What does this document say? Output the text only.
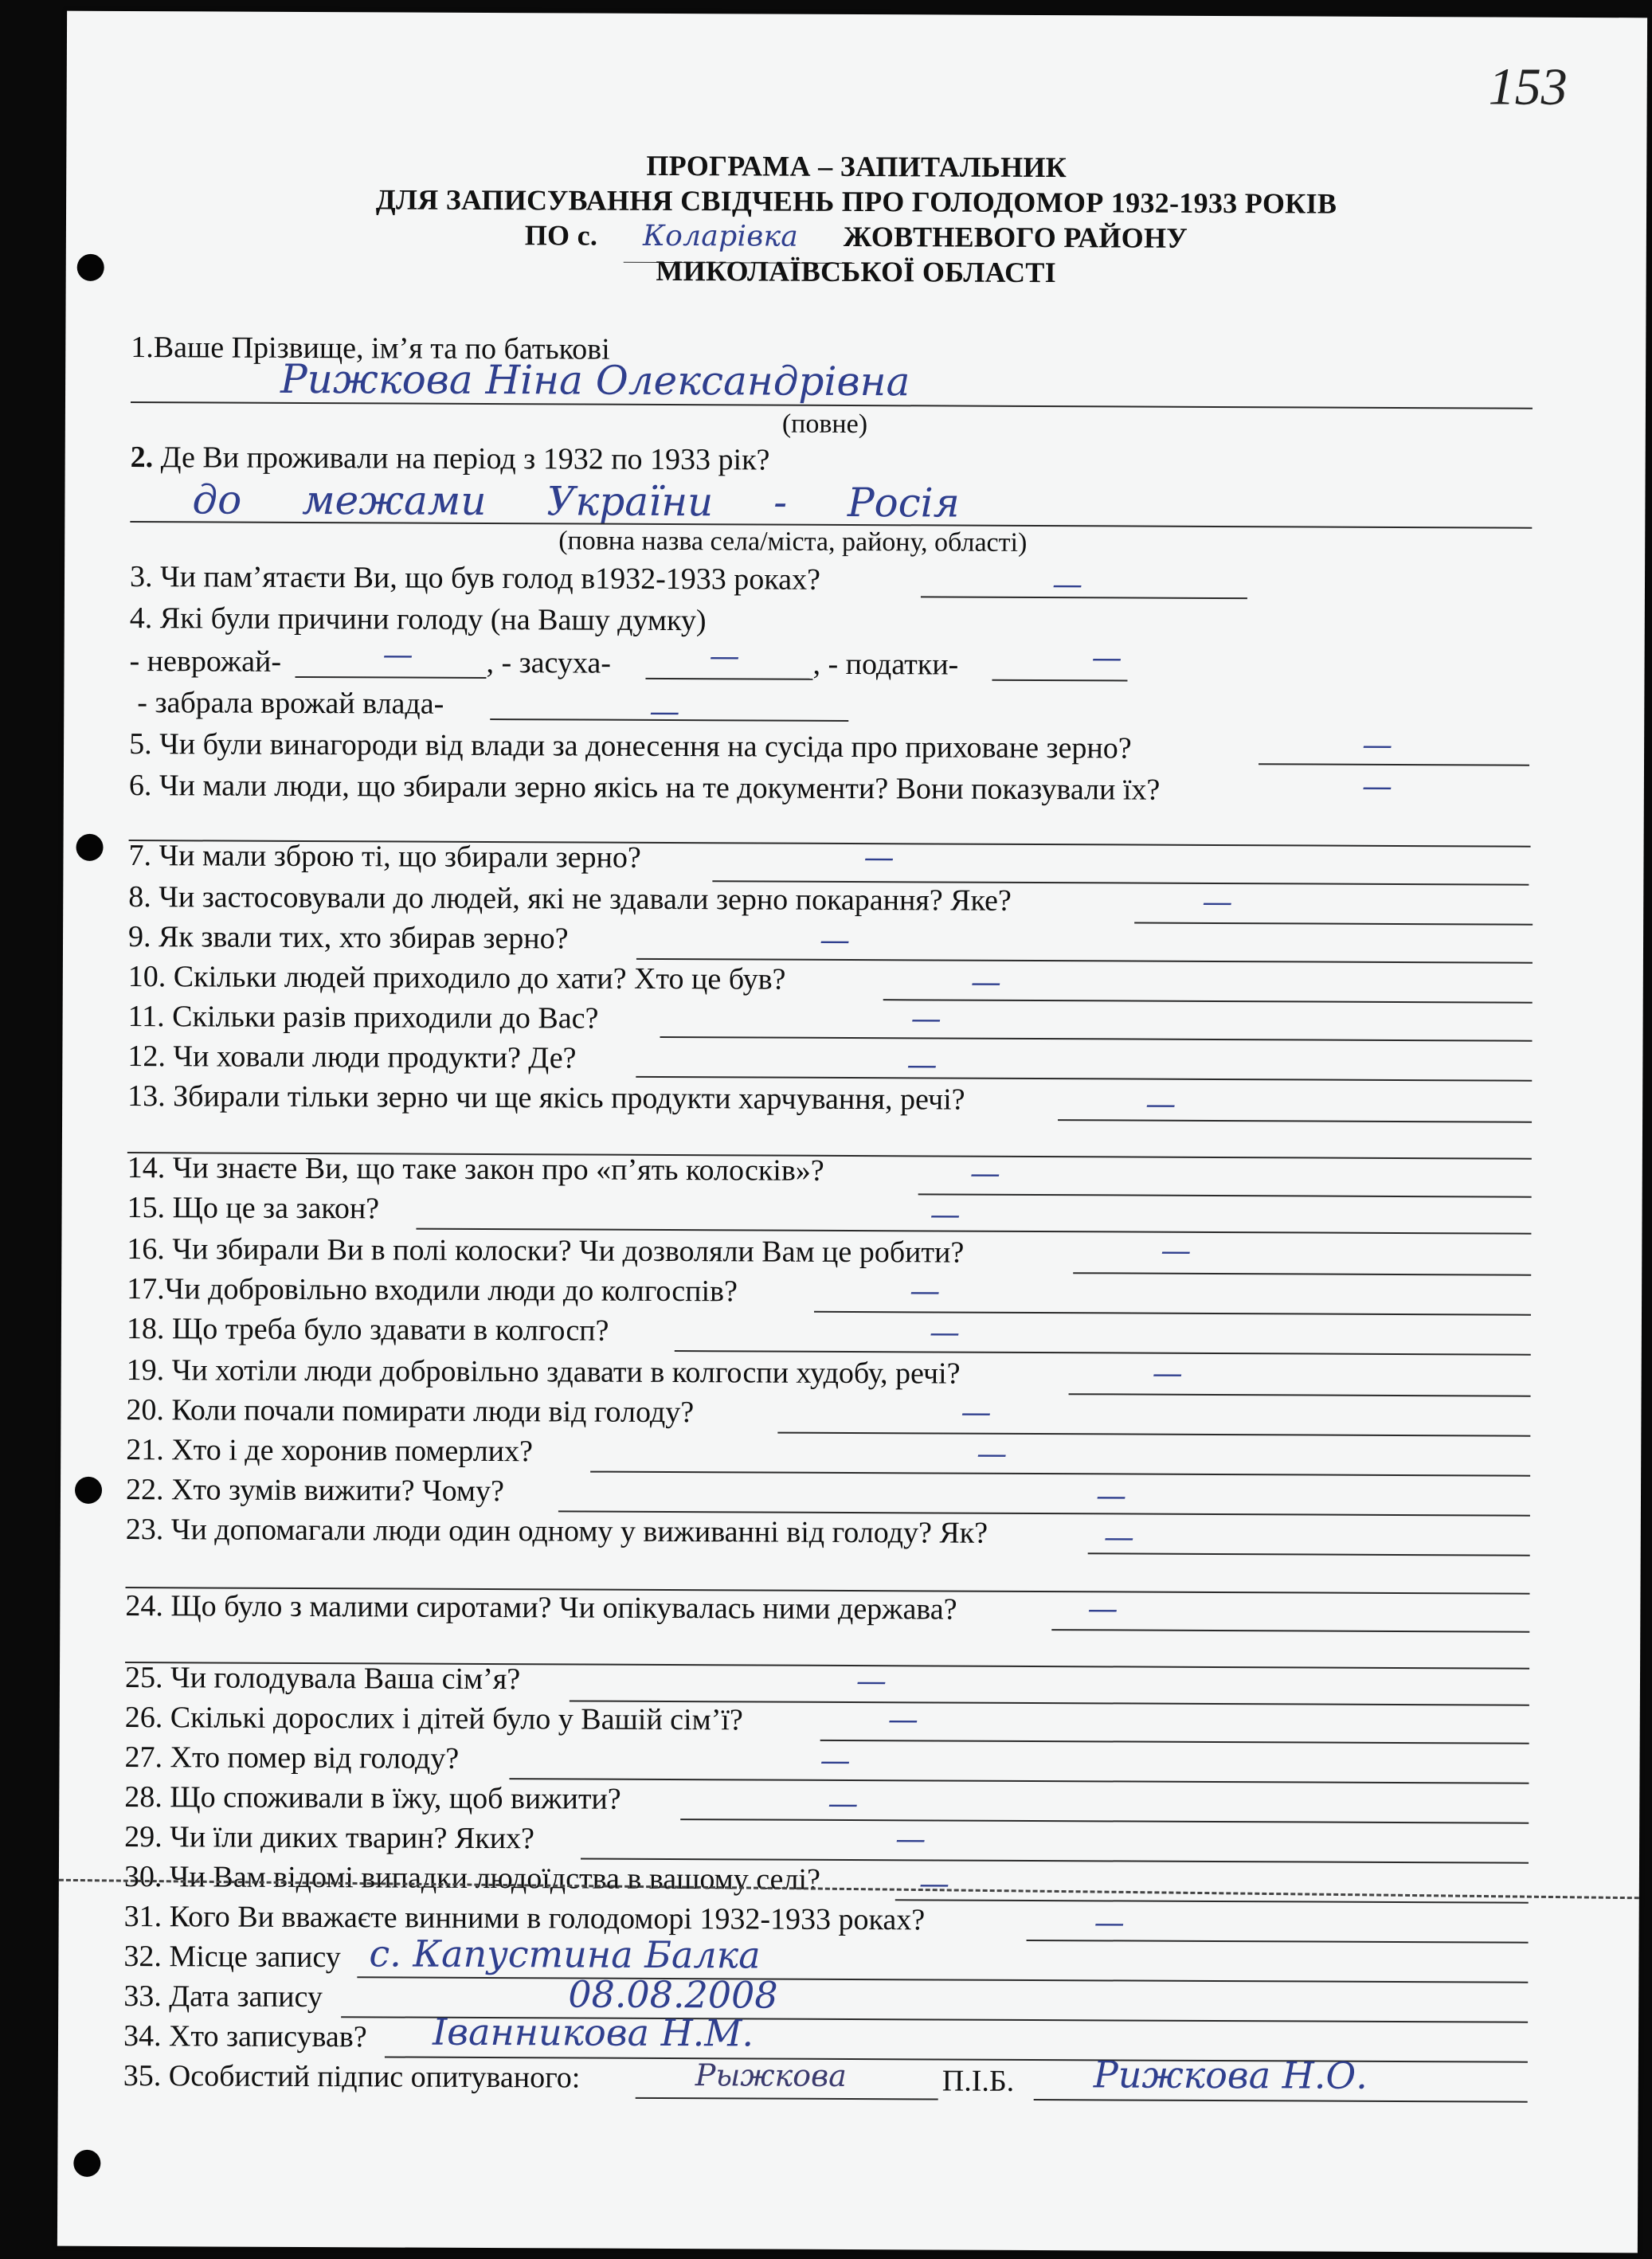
153
ПРОГРАМА – ЗАПИТАЛЬНИК
ДЛЯ ЗАПИСУВАННЯ СВІДЧЕНЬ ПРО ГОЛОДОМОР 1932-1933 РОКІВ
ПО с. Коларівка ЖОВТНЕВОГО РАЙОНУ
МИКОЛАЇВСЬКОЇ ОБЛАСТІ
1.Ваше Прізвище, ім’я та по батькові
Рижкова Ніна Олександрівна
(повне)
2. Де Ви проживали на період з 1932 по 1933 рік?
до межами України - Росія
(повна назва села/міста, району, області)
3. Чи пам’ятаєти Ви, що був голод в1932-1933 роках?	—
4. Які були причини голоду (на Вашу думку)
- неврожай-	— , - засуха-	— , - податки-	—
- забрала врожай влада-	—
5. Чи були винагороди від влади за донесення на сусіда про приховане зерно?	—
6. Чи мали люди, що збирали зерно якісь на те документи? Вони показували їх?	—
7. Чи мали зброю ті, що збирали зерно?	—
8. Чи застосовували до людей, які не здавали зерно покарання? Яке?	—
9. Як звали тих, хто збирав зерно?	—
10. Скільки людей приходило до хати? Хто це був?	—
11. Скільки разів приходили до Вас?	—
12. Чи ховали люди продукти? Де?	—
13. Збирали тільки зерно чи ще якісь продукти харчування, речі?	—
14. Чи знаєте Ви, що таке закон про «п’ять колосків»?	—
15. Що це за закон?	—
16. Чи збирали Ви в полі колоски? Чи дозволяли Вам це робити?	—
17.Чи добровільно входили люди до колгоспів?	—
18. Що треба було здавати в колгосп?	—
19. Чи хотіли люди добровільно здавати в колгоспи худобу, речі?	—
20. Коли почали помирати люди від голоду?	—
21. Хто і де хоронив померлих?	—
22. Хто зумів вижити? Чому?	—
23. Чи допомагали люди один одному у виживанні від голоду? Як?	—
24. Що було з малими сиротами? Чи опікувалась ними держава?	—
25. Чи голодувала Ваша сім’я?	—
26. Скількі дорослих і дітей було у Вашій сім’ї?	—
27. Хто помер від голоду?	—
28. Що споживали в їжу, щоб вижити?	—
29. Чи їли диких тварин? Яких?	—
30. Чи Вам відомі випадки людоїдства в вашому селі?	—
31. Кого Ви вважаєте винними в голодоморі 1932-1933 роках?	—
32. Місце запису с. Капустина Балка
33. Дата запису	08.08.2008
34. Хто записував? Іванникова Н.М.
35. Особистий підпис опитуваного:	Рыжкова	П.І.Б. Рижкова Н.О.
